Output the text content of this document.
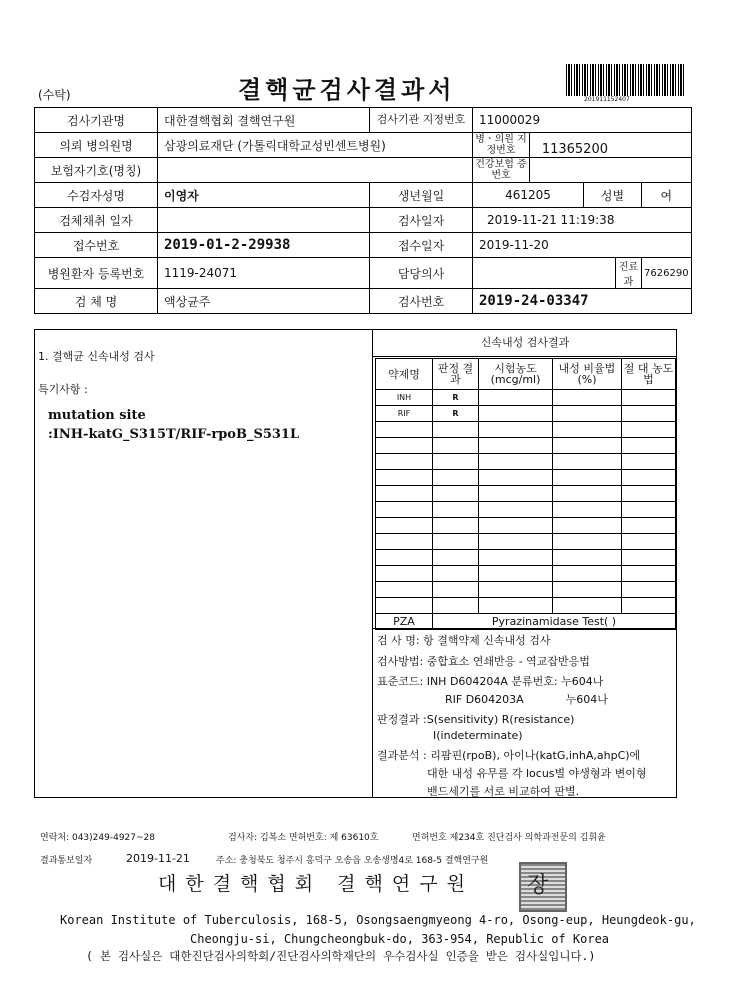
(수탁)	결핵균검사결과서	201911152407
검사기관명	대한결핵협회 결핵연구원	검사기관 지정번호	11000029			
의뢰 병의원명	삼광의료재단 (가톨릭대학교성빈센트병원)		병ㆍ의원 지정번호 11365200			
보험자기호(명칭)			건강보험 증번호			
수검자성명	이영자	생년월일	461205	성별		여
검체채취 일자		검사일자	2019-11-21 11:19:38			
접수번호	2019-01-2-29938	접수일자	2019-11-20			
병원환자 등록번호	1119-24071	담당의사			진료과	7626290
검 체 명	액상균주	검사번호	2019-24-03347			
1. 결핵균 신속내성 검사
특기사항 :
mutation site
:INH-katG_S315T/RIF-rpoB_S531L
신속내성 검사결과
약제명	판정 결과	시험농도 (mcg/ml)	내성 비율법(%)	절 대 농도법
INH	R			
RIF	R			

PZA	Pyrazinamidase Test( )			
검 사 명: 항 결핵약제 신속내성 검사
검사방법: 중합효소 연쇄반응 - 역교잡반응법
표준코드: INH D604204A 분류번호: 누604나
RIF D604203A            누604나
판정결과 :S(sensitivity) R(resistance)
I(indeterminate)
결과분석 : 리팜핀(rpoB), 아이나(katG,inhA,ahpC)에
대한 내성 유무를 각 locus별 야생형과 변이형
밴드세기를 서로 비교하여 판별.
연락처: 043)249-4927~28	검사자: 김복소 면허번호: 제 63610호	면허번호 제234호 진단검사 의학과전문의 김휘윤
결과통보일자	2019-11-21	주소: 충청북도 청주시 흥덕구 오송읍 오송생명4로 168-5 결핵연구원
대한결핵협회 결핵연구원 장
Korean Institute of Tuberculosis, 168-5, Osongsaengmyeong 4-ro, Osong-eup, Heungdeok-gu,
Cheongju-si, Chungcheongbuk-do, 363-954, Republic of Korea
( 본 검사실은 대한진단검사의학회/진단검사의학재단의 우수검사실 인증을 받은 검사실입니다.)
